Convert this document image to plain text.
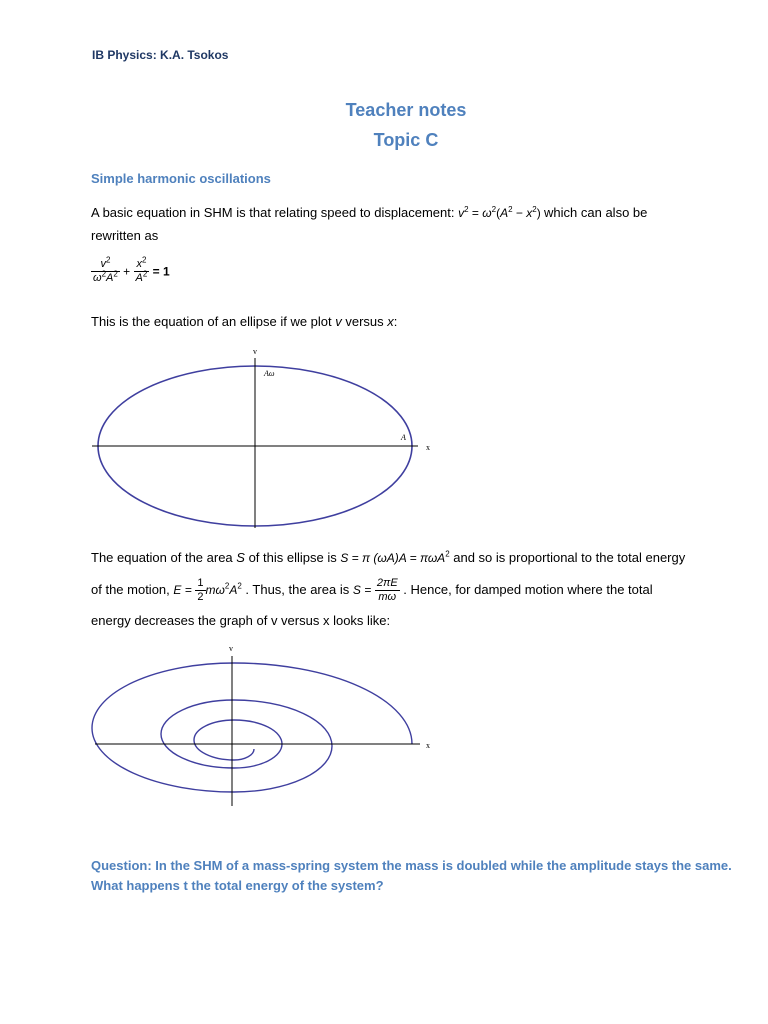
IB Physics: K.A. Tsokos
Teacher notes
Topic C
Simple harmonic oscillations
A basic equation in SHM is that relating speed to displacement: $v^2 = \omega^2(A^2 - x^2)$ which can also be
rewritten as
$\frac{v^2}{\omega^2A^2} + \frac{x^2}{A^2} = 1$
This is the equation of an ellipse if we plot v versus x:
v
x
Aω
A
v
x
The equation of the area S of this ellipse is S = π (ωA)A = πωA$^2$ and so is proportional to the total energy
of the motion, $E = \frac{1}{2} m\omega^2A^2$ . Thus, the area is $S = \frac{2\pi E}{m\omega}$ . Hence, for damped motion where the total
energy decreases the graph of v versus x looks like:
Question: In the SHM of a mass-spring system the mass is doubled while the amplitude stays the same.
What happens t the total energy of the system?
